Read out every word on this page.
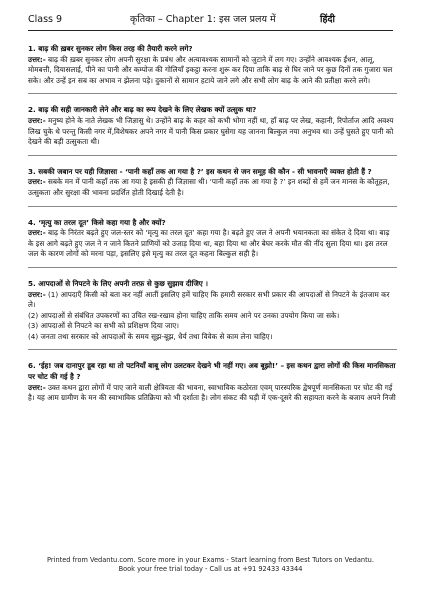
Class 9	कृतिका – Chapter 1: इस जल प्रलय में	हिंदी
1. बाढ़ की ख़बर सुनकर लोग किस तरह की तैयारी करने लगे?
उत्तर:- बाढ़ की ख़बर सुनकर लोग अपनी सुरक्षा के प्रबंध और अत्यावश्यक सामानों को जुटाने में लग गए। उन्होंने आवश्यक ईंधन, आलू, मोमबत्ती, दियासलाई, पीने का पानी और कम्पोज की गोलियाँ इकट्ठा करना शुरू कर दिया ताकि बाढ़ से घिर जाने पर कुछ दिनों तक गुजारा चल सके। और उन्हें इन सब का अभाव न झेलना पड़े। दुकानों से सामान हटाये जाने लगे और सभी लोग बाढ़ के आने की प्रतीक्षा करने लगे।
2. बाढ़ की सही जानकारी लेने और बाढ़ का रूप देखने के लिए लेखक क्यों उत्सुक था?
उत्तर:- मनुष्य होने के नाते लेखक भी जिज्ञासु थे। उन्होंने बाढ़ के कहर को कभी भोगा नहीं था, हाँ बाढ़ पर लेख, कहानी, रिपोर्ताज आदि अवश्य लिख चुके थे परन्तु किसी नगर में,विशेषकर अपने नगर में पानी किस प्रकार घुसेगा यह जानना बिल्कुल नया अनुभव था। उन्हें घुसते हुए पानी को देखने की बड़ी उत्सुकता थी।
3. सबकी जबान पर यही जिज्ञासा - ‘पानी कहाँ तक आ गया है ?’ इस कथन से जन समूह की कौन - सी भावनाएँ व्यक्त होती हैं ?
उत्तर:- सबके मन में पानी कहाँ तक आ गया है इसकी ही जिज्ञासा थी। ‘पानी कहाँ तक आ गया है ?’ इन शब्दों से हमें जन मानस के कौतूहल, उत्सुकता और सुरक्षा की भावना प्रदर्शित होती दिखाई देती है।
4. ‘मृत्यु का तरल दूत’ किसे कहा गया है और क्यों?
उत्तर:- बाढ़ के निरंतर बढ़ते हुए जल-स्तर को ‘मृत्यु का तरल दूत’ कहा गया है। बढ़ते हुए जल ने अपनी भयानकता का संकेत दे दिया था। बाढ़ के इस आगे बढ़ते हुए जल ने न जाने कितने प्राणियों को उजाड़ दिया था, बहा दिया था और बेघर करके मौत की नींद सुला दिया था। इस तरल जल के कारण लोगों को मरना पड़ा, इसलिए इसे मृत्यु का तरल दूत कहना बिल्कुल सही है।
5. आपदाओं से निपटने के लिए अपनी तरफ़ से कुछ सुझाव दीजिए ।
उत्तर:- (1) आपदाएँ किसी को बता कर नहीं आतीं इसलिए हमें चाहिए कि हमारी सरकार सभी प्रकार की आपदाओं से निपटने के इंतजाम कर ले।
(2) आपदाओं से संबंधित उपकरणों का उचित रख-रखाव होना चाहिए ताकि समय आने पर उनका उपयोग किया जा सके।
(3) आपदाओं से निपटने का सभी को प्रशिक्षण दिया जाए।
(4) जनता तथा सरकार को आपदाओं के समय सूझ-बूझ, धैर्य तथा विवेक से काम लेना चाहिए।
6. ‘ईह! जब दानापुर डूब रहा था तो पटनियाँ बाबू लोग उलटकर देखने भी नहीं गए। अब बूझो!’ – इस कथन द्वारा लोगों की किस मानसिकता पर चोट की गई है ?
उत्तर:- उक्त कथन द्वारा लोगों में पाए जाने वाली क्षेत्रियता की भावना, स्वाभाविक कठोरता एवम् पारस्परिक द्वेषपूर्ण मानसिकता पर चोट की गई है। यह आम ग्रामीण के मन की स्वाभाविक प्रतिक्रिया को भी दर्शाता है। लोग संकट की घड़ी में एक-दूसरे की सहायता करने के बजाय अपने निजी
Printed from Vedantu.com. Score more in your Exams - Start learning from Best Tutors on Vedantu.
Book your free trial today - Call us at +91 92433 43344
